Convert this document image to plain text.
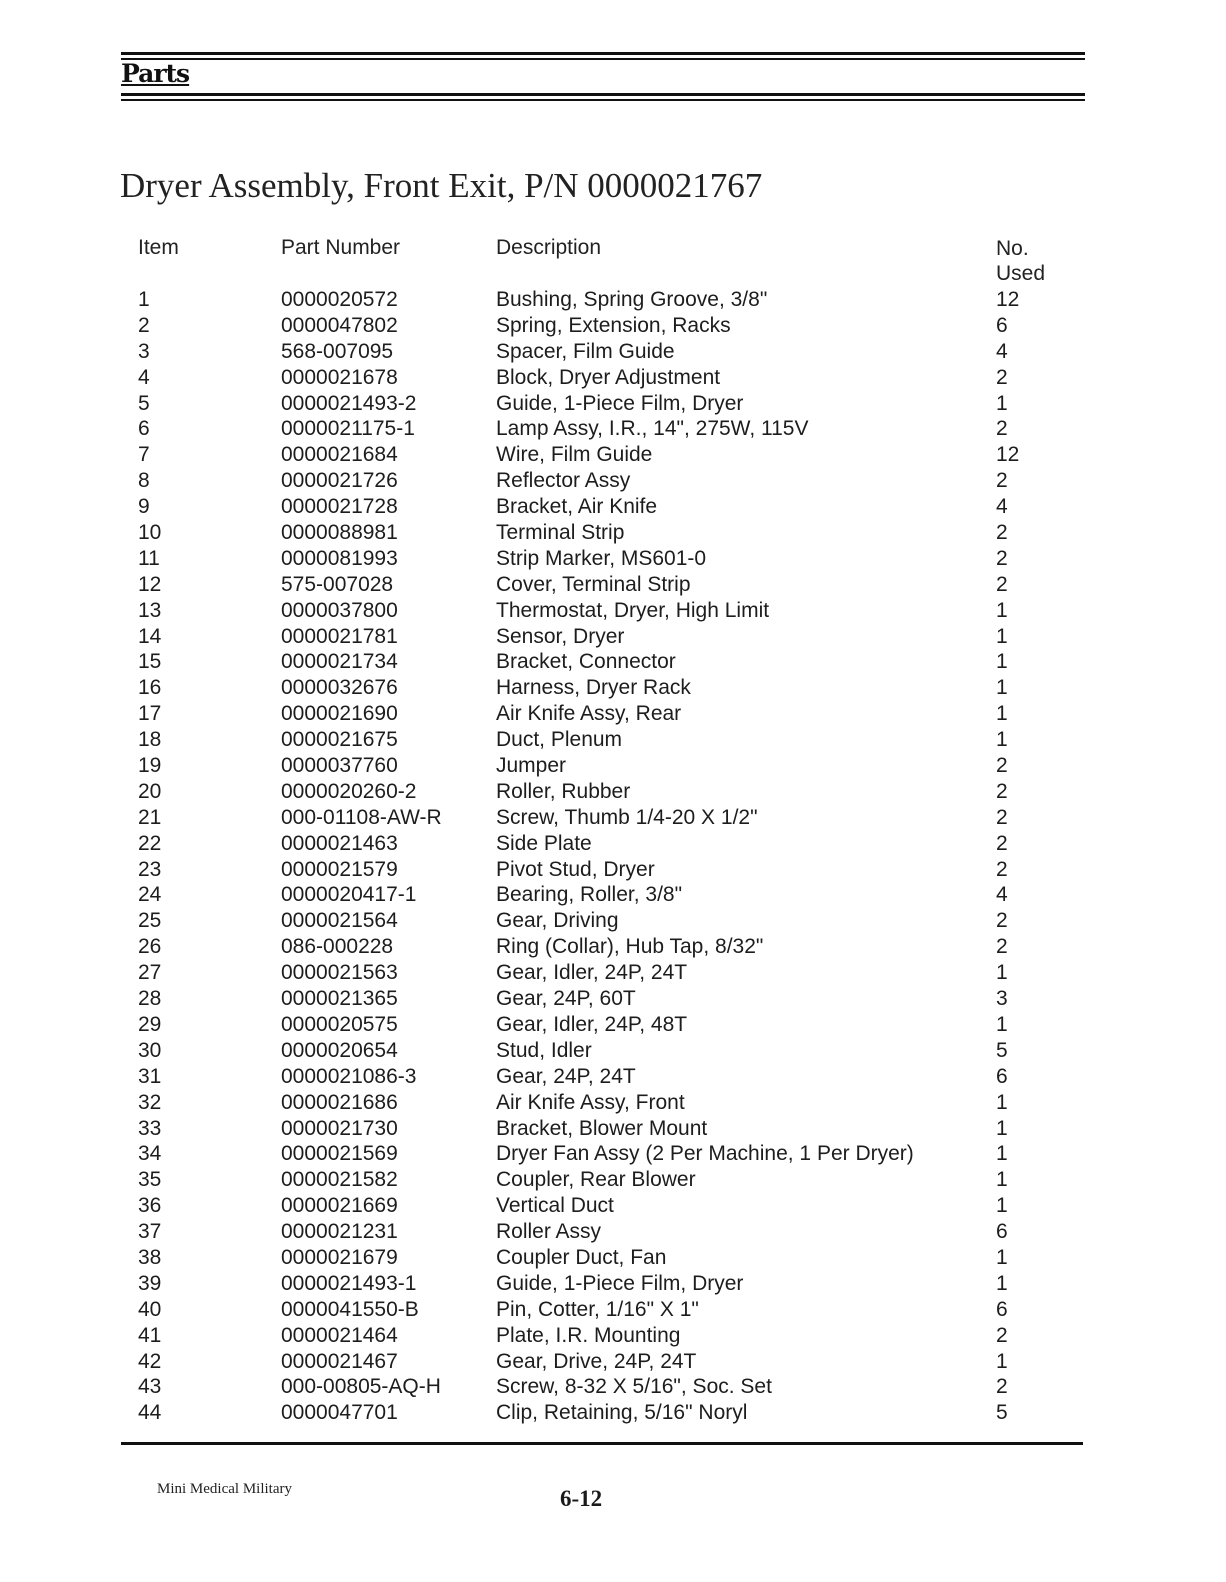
Parts
Dryer Assembly, Front Exit, P/N 0000021767
Item	Part Number	Description	No.
Used
1	0000020572	Bushing, Spring Groove, 3/8"	12
2	0000047802	Spring, Extension, Racks	6
3	568-007095	Spacer, Film Guide	4
4	0000021678	Block, Dryer Adjustment	2
5	0000021493-2	Guide, 1-Piece Film, Dryer	1
6	0000021175-1	Lamp Assy, I.R., 14", 275W, 115V	2
7	0000021684	Wire, Film Guide	12
8	0000021726	Reflector Assy	2
9	0000021728	Bracket, Air Knife	4
10	0000088981	Terminal Strip	2
11	0000081993	Strip Marker, MS601-0	2
12	575-007028	Cover, Terminal Strip	2
13	0000037800	Thermostat, Dryer, High Limit	1
14	0000021781	Sensor, Dryer	1
15	0000021734	Bracket, Connector	1
16	0000032676	Harness, Dryer Rack	1
17	0000021690	Air Knife Assy, Rear	1
18	0000021675	Duct, Plenum	1
19	0000037760	Jumper	2
20	0000020260-2	Roller, Rubber	2
21	000-01108-AW-R	Screw, Thumb 1/4-20 X 1/2"	2
22	0000021463	Side Plate	2
23	0000021579	Pivot Stud, Dryer	2
24	0000020417-1	Bearing, Roller, 3/8"	4
25	0000021564	Gear, Driving	2
26	086-000228	Ring (Collar), Hub Tap, 8/32"	2
27	0000021563	Gear, Idler, 24P, 24T	1
28	0000021365	Gear, 24P, 60T	3
29	0000020575	Gear, Idler, 24P, 48T	1
30	0000020654	Stud, Idler	5
31	0000021086-3	Gear, 24P, 24T	6
32	0000021686	Air Knife Assy, Front	1
33	0000021730	Bracket, Blower Mount	1
34	0000021569	Dryer Fan Assy (2 Per Machine, 1 Per Dryer)	1
35	0000021582	Coupler, Rear Blower	1
36	0000021669	Vertical Duct	1
37	0000021231	Roller Assy	6
38	0000021679	Coupler Duct, Fan	1
39	0000021493-1	Guide, 1-Piece Film, Dryer	1
40	0000041550-B	Pin, Cotter, 1/16" X 1"	6
41	0000021464	Plate, I.R. Mounting	2
42	0000021467	Gear, Drive, 24P, 24T	1
43	000-00805-AQ-H	Screw, 8-32 X 5/16", Soc. Set	2
44	0000047701	Clip, Retaining, 5/16" Noryl	5
Mini Medical Military	6-12
